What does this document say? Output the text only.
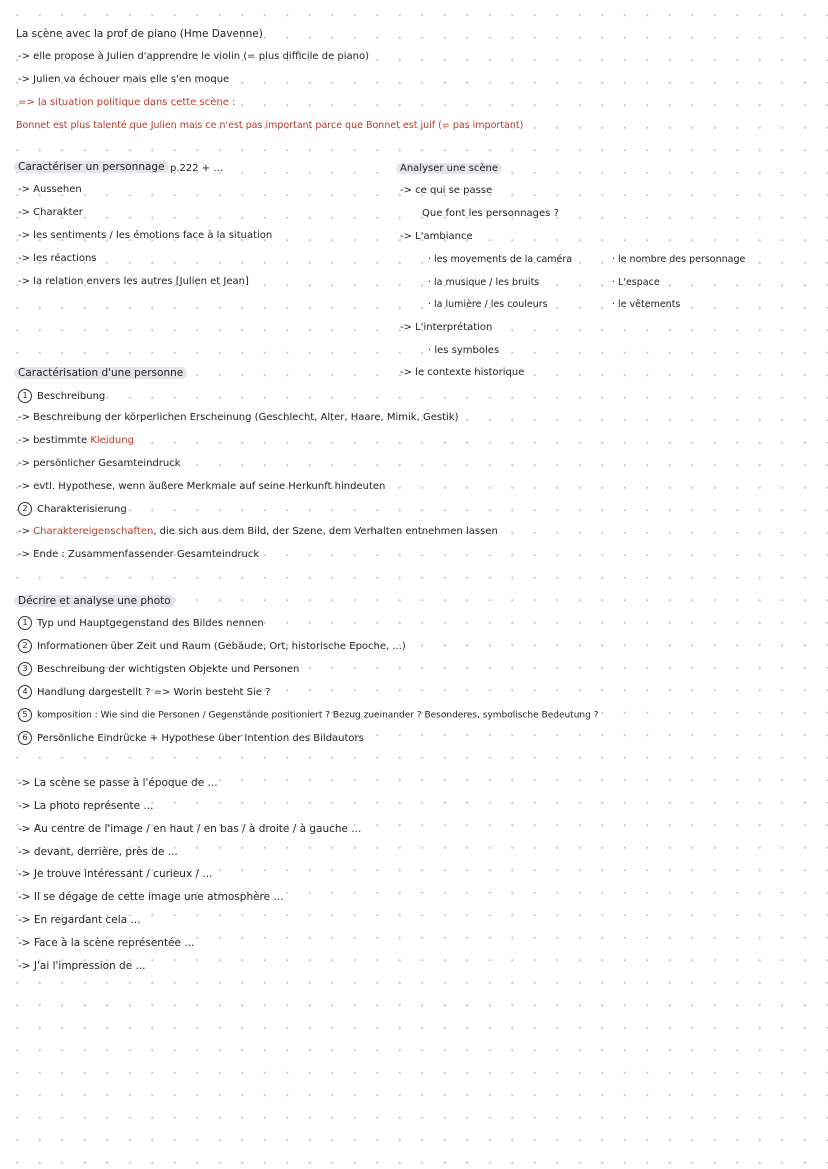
La scène avec la prof de piano (Hme Davenne)
-> elle propose à Julien d'apprendre le violin (= plus difficile de piano)
-> Julien va échouer mais elle s'en moque
=> la situation politique dans cette scène :
Bonnet est plus talenté que Julien mais ce n'est pas important parce que Bonnet est juif (= pas important)
Caractériser un personnage p.222 + ...
-> Aussehen
-> Charakter
-> les sentiments / les émotions face à la situation
-> les réactions
-> la relation envers les autres [Julien et Jean]
Analyser une scène
-> ce qui se passe
Que font les personnages ?
-> L'ambiance
· les movements de la caméra
· la musique / les bruits
· la lumière / les couleurs
-> L'interprétation
· les symboles
-> le contexte historique
· le nombre des personnage
· L'espace
· le vêtements
Caractérisation d'une personne
1 Beschreibung
-> Beschreibung der körperlichen Erscheinung (Geschlecht, Alter, Haare, Mimik, Gestik)
-> bestimmte Kleidung
-> persönlicher Gesamteindruck
-> evtl. Hypothese, wenn äußere Merkmale auf seine Herkunft hindeuten
2 Charakterisierung
-> Charaktereigenschaften, die sich aus dem Bild, der Szene, dem Verhalten entnehmen lassen
-> Ende : Zusammenfassender Gesamteindruck
Décrire et analyse une photo
1 Typ und Hauptgegenstand des Bildes nennen
2 Informationen über Zeit und Raum (Gebäude, Ort, historische Epoche, ...)
3 Beschreibung der wichtigsten Objekte und Personen
4 Handlung dargestellt ? => Worin besteht Sie ?
5 komposition : Wie sind die Personen / Gegenstände positioniert ? Bezug zueinander ? Besonderes, symbolische Bedeutung ?
6 Persönliche Eindrücke + Hypothese über Intention des Bildautors
-> La scène se passe à l'époque de ...
-> La photo représente ...
-> Au centre de l'image / en haut / en bas / à droite / à gauche ...
-> devant, derrière, près de ...
-> Je trouve intéressant / curieux / ...
-> Il se dégage de cette image une atmosphère ...
-> En regardant cela ...
-> Face à la scène représentée ...
-> J'ai l'impression de ...
